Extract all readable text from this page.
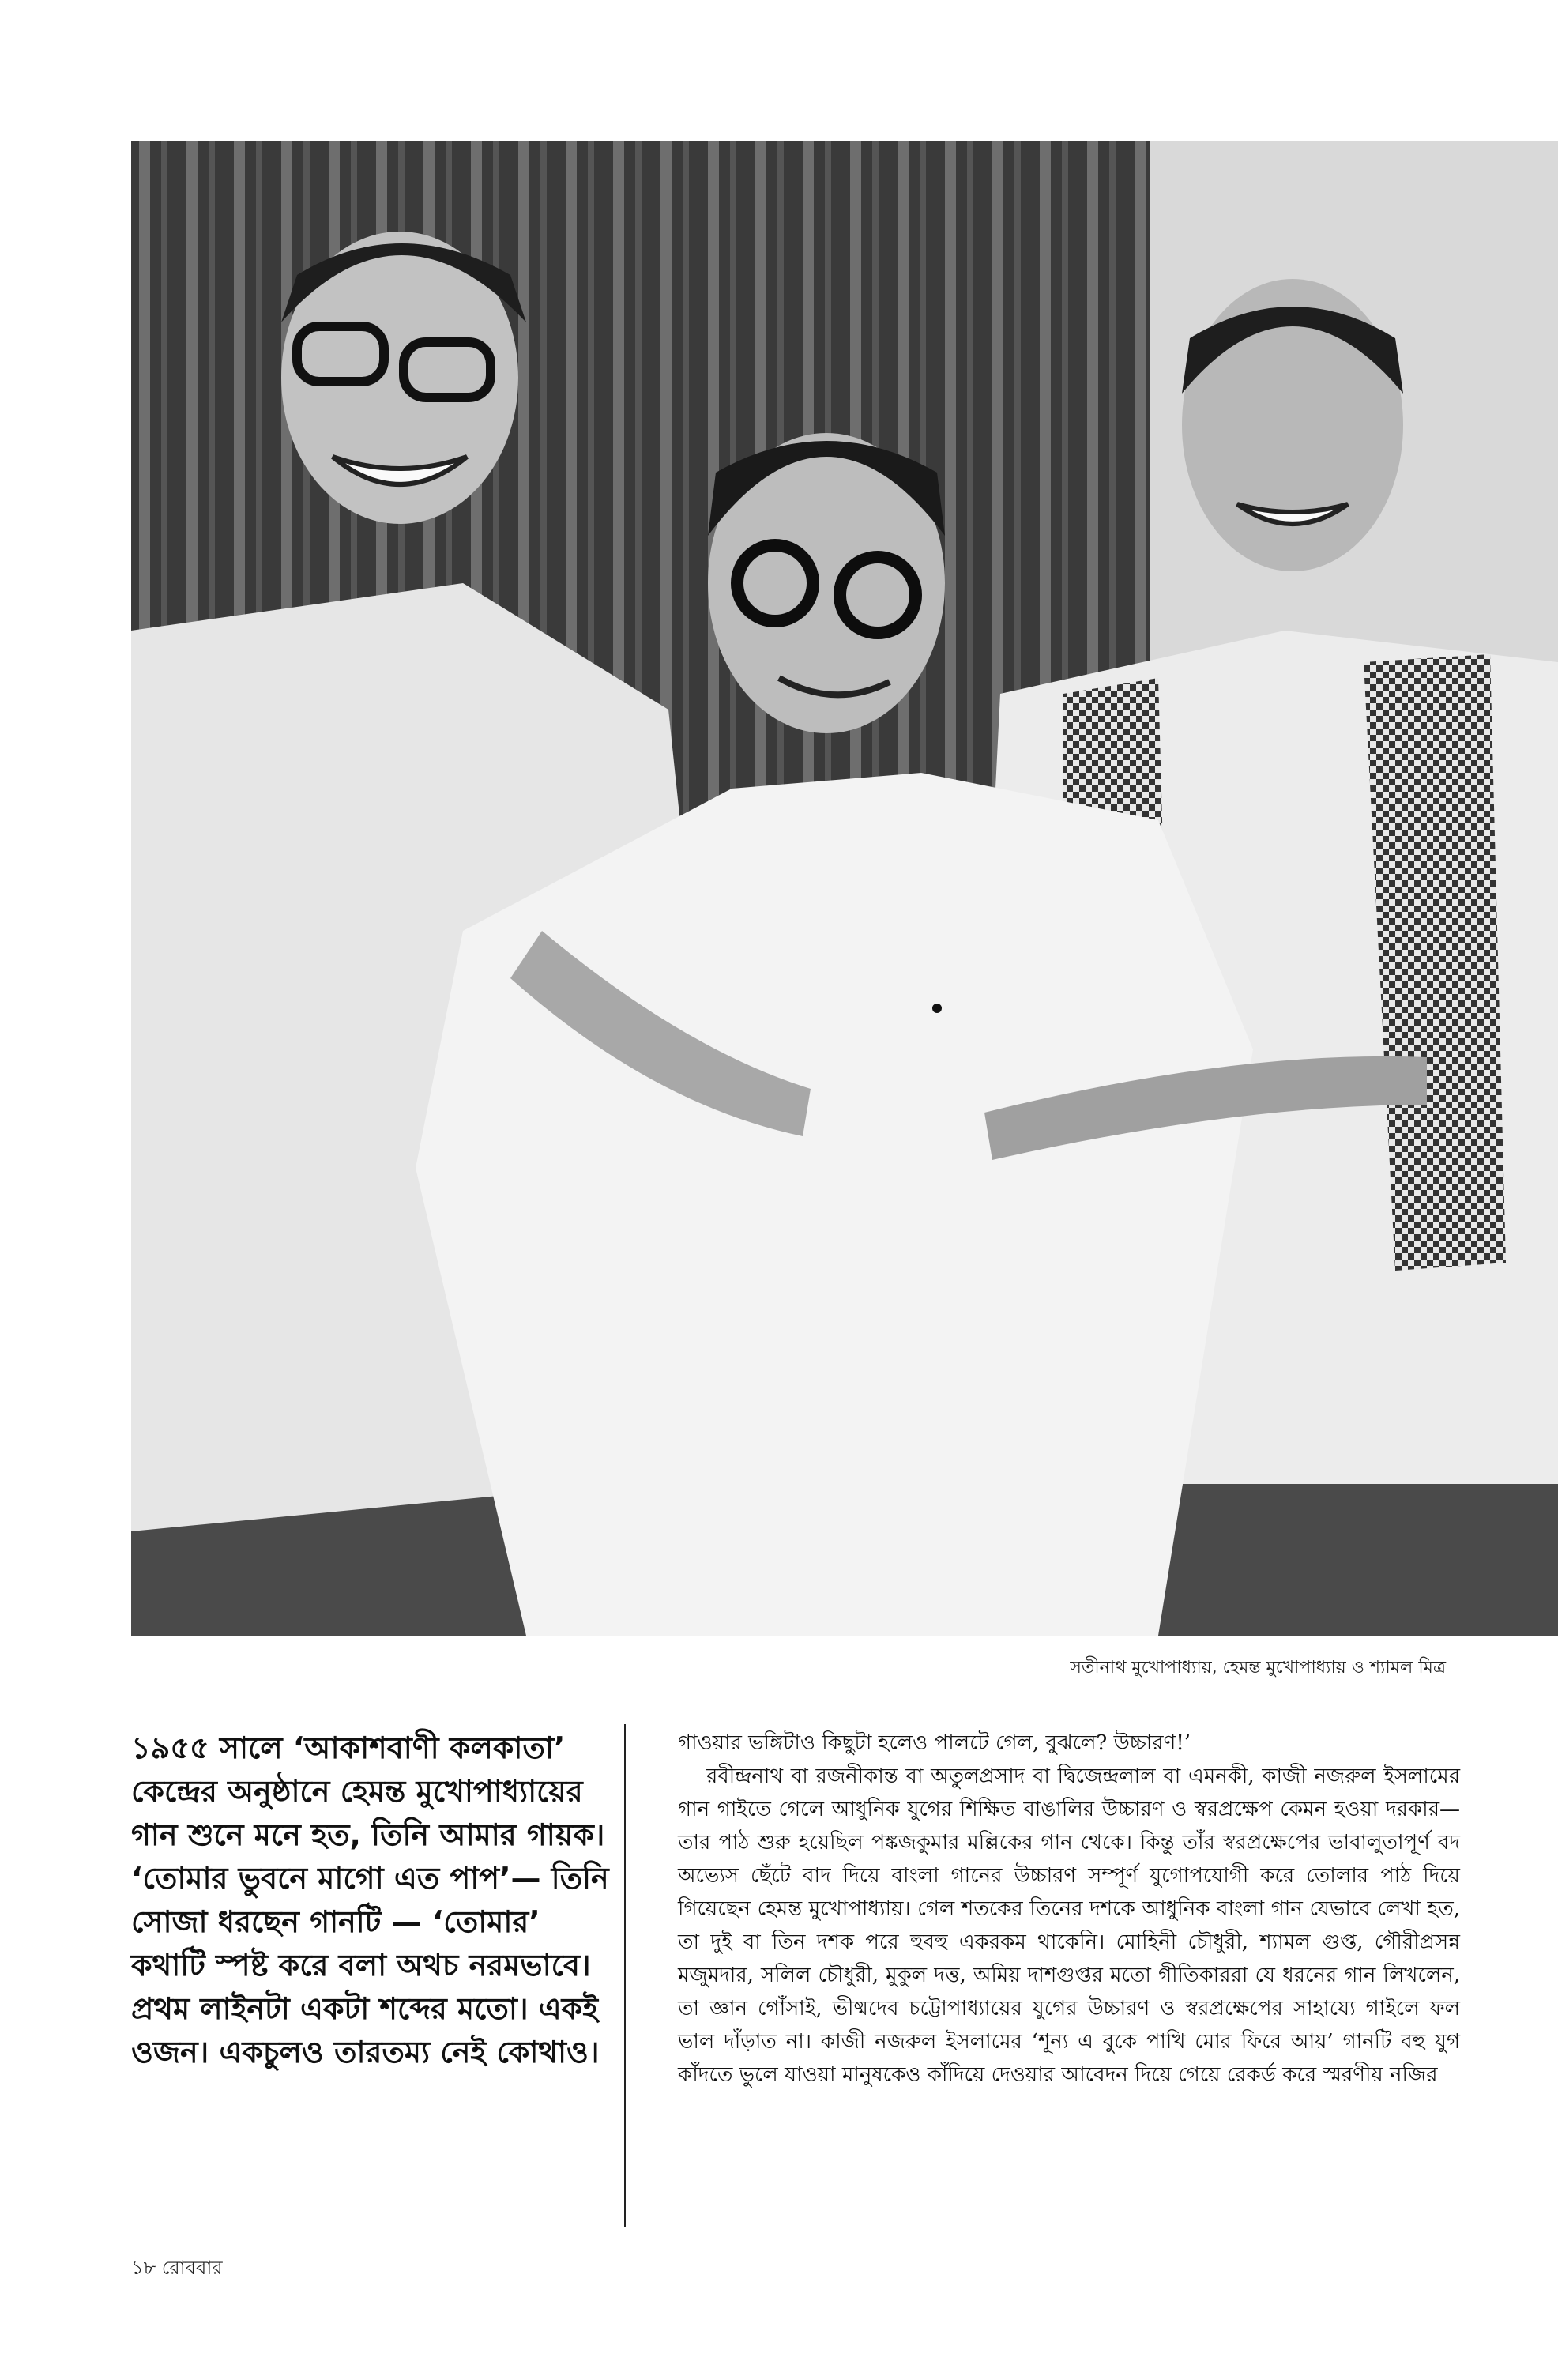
সতীনাথ মুখোপাধ্যায়, হেমন্ত মুখোপাধ্যায় ও শ্যামল মিত্র

১৯৫৫ সালে ‘আকাশবাণী কলকাতা’ কেন্দ্রের অনুষ্ঠানে হেমন্ত মুখোপাধ্যায়ের গান শুনে মনে হত, তিনি আমার গায়ক। ‘তোমার ভুবনে মাগো এত পাপ’— তিনি সোজা ধরছেন গানটি — ‘তোমার’ কথাটি স্পষ্ট করে বলা অথচ নরমভাবে। প্রথম লাইনটা একটা শব্দের মতো। একই ওজন। একচুলও তারতম্য নেই কোথাও।

গাওয়ার ভঙ্গিটাও কিছুটা হলেও পালটে গেল, বুঝলে? উচ্চারণ!’

রবীন্দ্রনাথ বা রজনীকান্ত বা অতুলপ্রসাদ বা দ্বিজেন্দ্রলাল বা এমনকী, কাজী নজরুল ইসলামের গান গাইতে গেলে আধুনিক যুগের শিক্ষিত বাঙালির উচ্চারণ ও স্বরপ্রক্ষেপ কেমন হওয়া দরকার— তার পাঠ শুরু হয়েছিল পঙ্কজকুমার মল্লিকের গান থেকে। কিন্তু তাঁর স্বরপ্রক্ষেপের ভাবালুতাপূর্ণ বদ অভ্যেস ছেঁটে বাদ দিয়ে বাংলা গানের উচ্চারণ সম্পূর্ণ যুগোপযোগী করে তোলার পাঠ দিয়ে গিয়েছেন হেমন্ত মুখোপাধ্যায়। গেল শতকের তিনের দশকে আধুনিক বাংলা গান যেভাবে লেখা হত, তা দুই বা তিন দশক পরে হুবহু একরকম থাকেনি। মোহিনী চৌধুরী, শ্যামল গুপ্ত, গৌরীপ্রসন্ন মজুমদার, সলিল চৌধুরী, মুকুল দত্ত, অমিয় দাশগুপ্তর মতো গীতিকাররা যে ধরনের গান লিখলেন, তা জ্ঞান গোঁসাই, ভীষ্মদেব চট্টোপাধ্যায়ের যুগের উচ্চারণ ও স্বরপ্রক্ষেপের সাহায্যে গাইলে ফল ভাল দাঁড়াত না। কাজী নজরুল ইসলামের ‘শূন্য এ বুকে পাখি মোর ফিরে আয়’ গানটি বহু যুগ কাঁদতে ভুলে যাওয়া মানুষকেও কাঁদিয়ে দেওয়ার আবেদন দিয়ে গেয়ে রেকর্ড করে স্মরণীয় নজির

১৮ রোববার
